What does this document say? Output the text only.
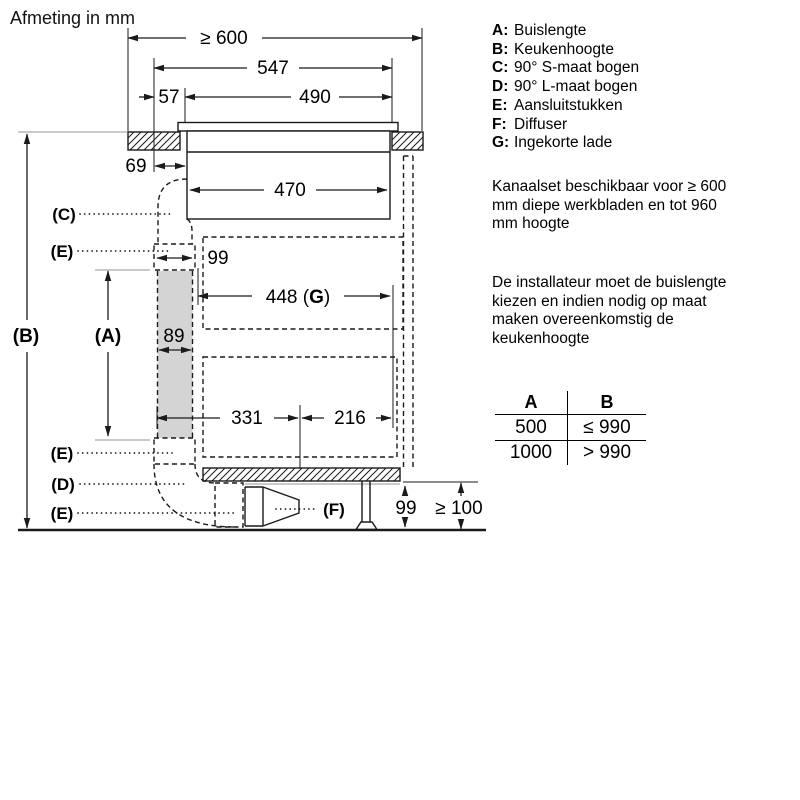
Afmeting in mm
≥ 600
547
57	490
69
470
99
448 (G)
89
331	216
(B)	(A)
99 ≥ 100
(C)
(E)
(E)
(D)
(E)	(F)
A: Buislengte
B: Keukenhoogte
C: 90° S-maat bogen
D: 90° L-maat bogen
E: Aansluitstukken
F: Diffuser
G: Ingekorte lade
Kanaalset beschikbaar voor ≥ 600
mm diepe werkbladen en tot 960
mm hoogte
De installateur moet de buislengte
kiezen en indien nodig op maat
maken overeenkomstig de
keukenhoogte
A	B
500	≤ 990
1000	> 990
